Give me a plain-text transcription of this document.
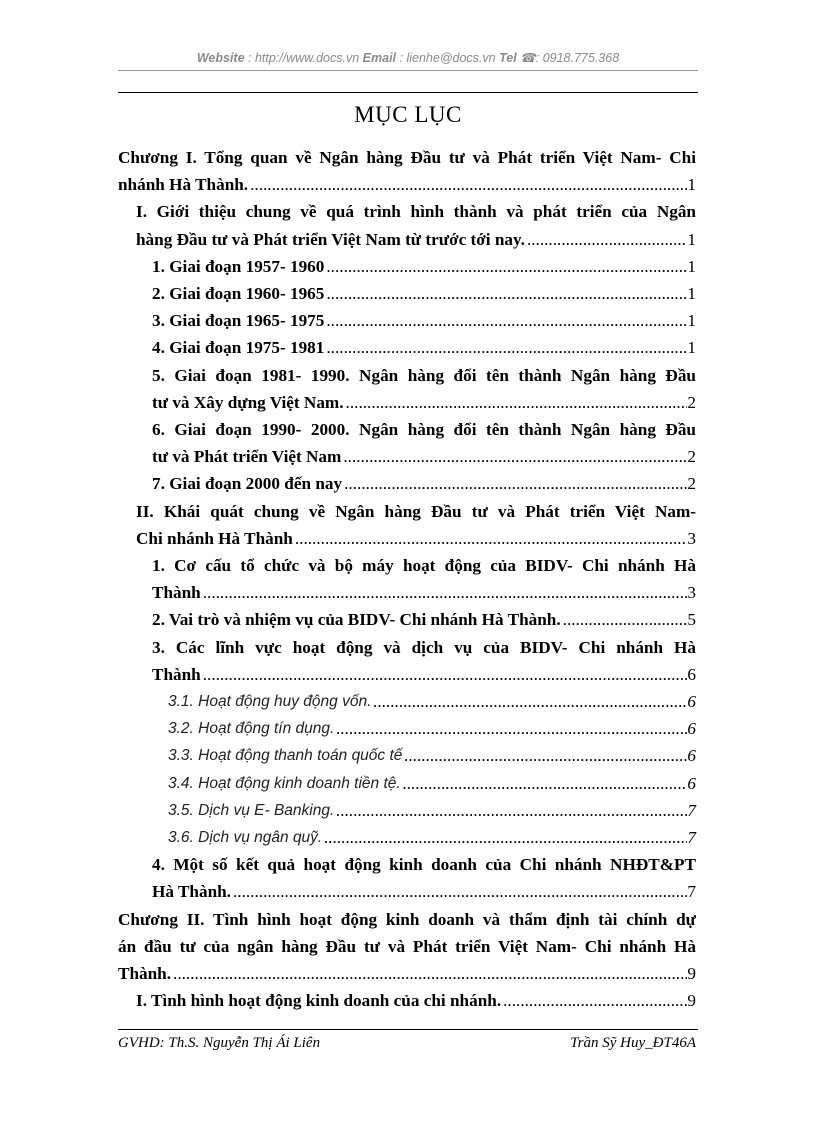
Website : http://www.docs.vn Email : lienhe@docs.vn Tel ☎: 0918.775.368
MỤC LỤC
Chương I. Tổng quan về Ngân hàng Đầu tư và Phát triển Việt Nam- Chi
nhánh Hà Thành. .....	1
I. Giới thiệu chung về quá trình hình thành và phát triển của Ngân
hàng Đầu tư và Phát triển Việt Nam từ trước tới nay. .....	1
1. Giai đoạn 1957- 1960 .....	1
2. Giai đoạn 1960- 1965 .....	1
3. Giai đoạn 1965- 1975 .....	1
4. Giai đoạn 1975- 1981 .....	1
5. Giai đoạn 1981- 1990. Ngân hàng đổi tên thành Ngân hàng Đầu
tư và Xây dựng Việt Nam. .....	2
6. Giai đoạn 1990- 2000. Ngân hàng đổi tên thành Ngân hàng Đầu
tư và Phát triển Việt Nam .....	2
7. Giai đoạn 2000 đến nay .....	2
II. Khái quát chung về Ngân hàng Đầu tư và Phát triển Việt Nam-
Chi nhánh Hà Thành .....	3
1. Cơ cấu tổ chức và bộ máy hoạt động của BIDV- Chi nhánh Hà
Thành .....	3
2. Vai trò và nhiệm vụ của BIDV- Chi nhánh Hà Thành. .....	5
3. Các lĩnh vực hoạt động và dịch vụ của BIDV- Chi nhánh Hà
Thành .....	6
3.1. Hoạt động huy động vốn. .....	6
3.2. Hoạt động tín dụng. .....	6
3.3. Hoạt động thanh toán quốc tế .....	6
3.4. Hoạt động kinh doanh tiền tệ. .....	6
3.5. Dịch vụ E- Banking. .....	7
3.6. Dịch vụ ngân quỹ. .....	7
4. Một số kết quả hoạt động kinh doanh của Chi nhánh NHĐT&PT
Hà Thành. .....	7
Chương II. Tình hình hoạt động kinh doanh và thẩm định tài chính dự
án đầu tư của ngân hàng Đầu tư và Phát triển Việt Nam- Chi nhánh Hà
Thành. .....	9
I. Tình hình hoạt động kinh doanh của chi nhánh. .....	9
GVHD: Th.S. Nguyễn Thị Ái Liên	Trần Sỹ Huy_ĐT46A
